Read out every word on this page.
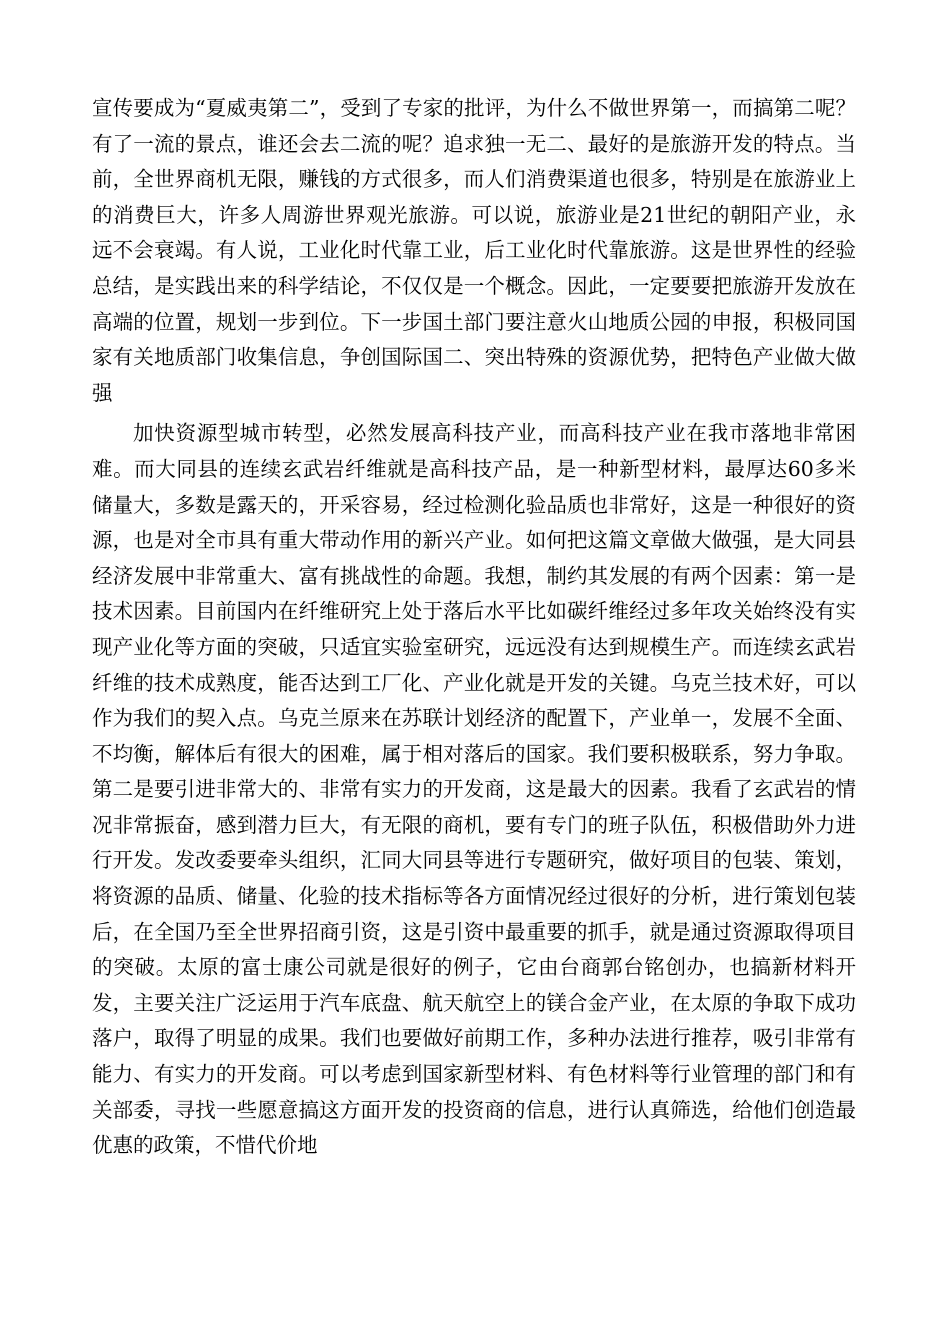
宣传要成为“夏威夷第二”，受到了专家的批评，为什么不做世界第一，而搞第二呢？有了一流的景点，谁还会去二流的呢？追求独一无二、最好的是旅游开发的特点。当前，全世界商机无限，赚钱的方式很多，而人们消费渠道也很多，特别是在旅游业上的消费巨大，许多人周游世界观光旅游。可以说，旅游业是21世纪的朝阳产业，永远不会衰竭。有人说，工业化时代靠工业，后工业化时代靠旅游。这是世界性的经验总结，是实践出来的科学结论，不仅仅是一个概念。因此，一定要要把旅游开发放在高端的位置，规划一步到位。下一步国土部门要注意火山地质公园的申报，积极同国家有关地质部门收集信息，争创国际国二、突出特殊的资源优势，把特色产业做大做强

加快资源型城市转型，必然发展高科技产业，而高科技产业在我市落地非常困难。而大同县的连续玄武岩纤维就是高科技产品，是一种新型材料，最厚达60多米储量大，多数是露天的，开采容易，经过检测化验品质也非常好，这是一种很好的资源，也是对全市具有重大带动作用的新兴产业。如何把这篇文章做大做强，是大同县经济发展中非常重大、富有挑战性的命题。我想，制约其发展的有两个因素：第一是技术因素。目前国内在纤维研究上处于落后水平比如碳纤维经过多年攻关始终没有实现产业化等方面的突破，只适宜实验室研究，远远没有达到规模生产。而连续玄武岩纤维的技术成熟度，能否达到工厂化、产业化就是开发的关键。乌克兰技术好，可以作为我们的契入点。乌克兰原来在苏联计划经济的配置下，产业单一，发展不全面、不均衡，解体后有很大的困难，属于相对落后的国家。我们要积极联系，努力争取。第二是要引进非常大的、非常有实力的开发商，这是最大的因素。我看了玄武岩的情况非常振奋，感到潜力巨大，有无限的商机，要有专门的班子队伍，积极借助外力进行开发。发改委要牵头组织，汇同大同县等进行专题研究，做好项目的包装、策划，将资源的品质、储量、化验的技术指标等各方面情况经过很好的分析，进行策划包装后，在全国乃至全世界招商引资，这是引资中最重要的抓手，就是通过资源取得项目的突破。太原的富士康公司就是很好的例子，它由台商郭台铭创办，也搞新材料开发，主要关注广泛运用于汽车底盘、航天航空上的镁合金产业，在太原的争取下成功落户，取得了明显的成果。我们也要做好前期工作，多种办法进行推荐，吸引非常有能力、有实力的开发商。可以考虑到国家新型材料、有色材料等行业管理的部门和有关部委，寻找一些愿意搞这方面开发的投资商的信息，进行认真筛选，给他们创造最优惠的政策，不惜代价地
